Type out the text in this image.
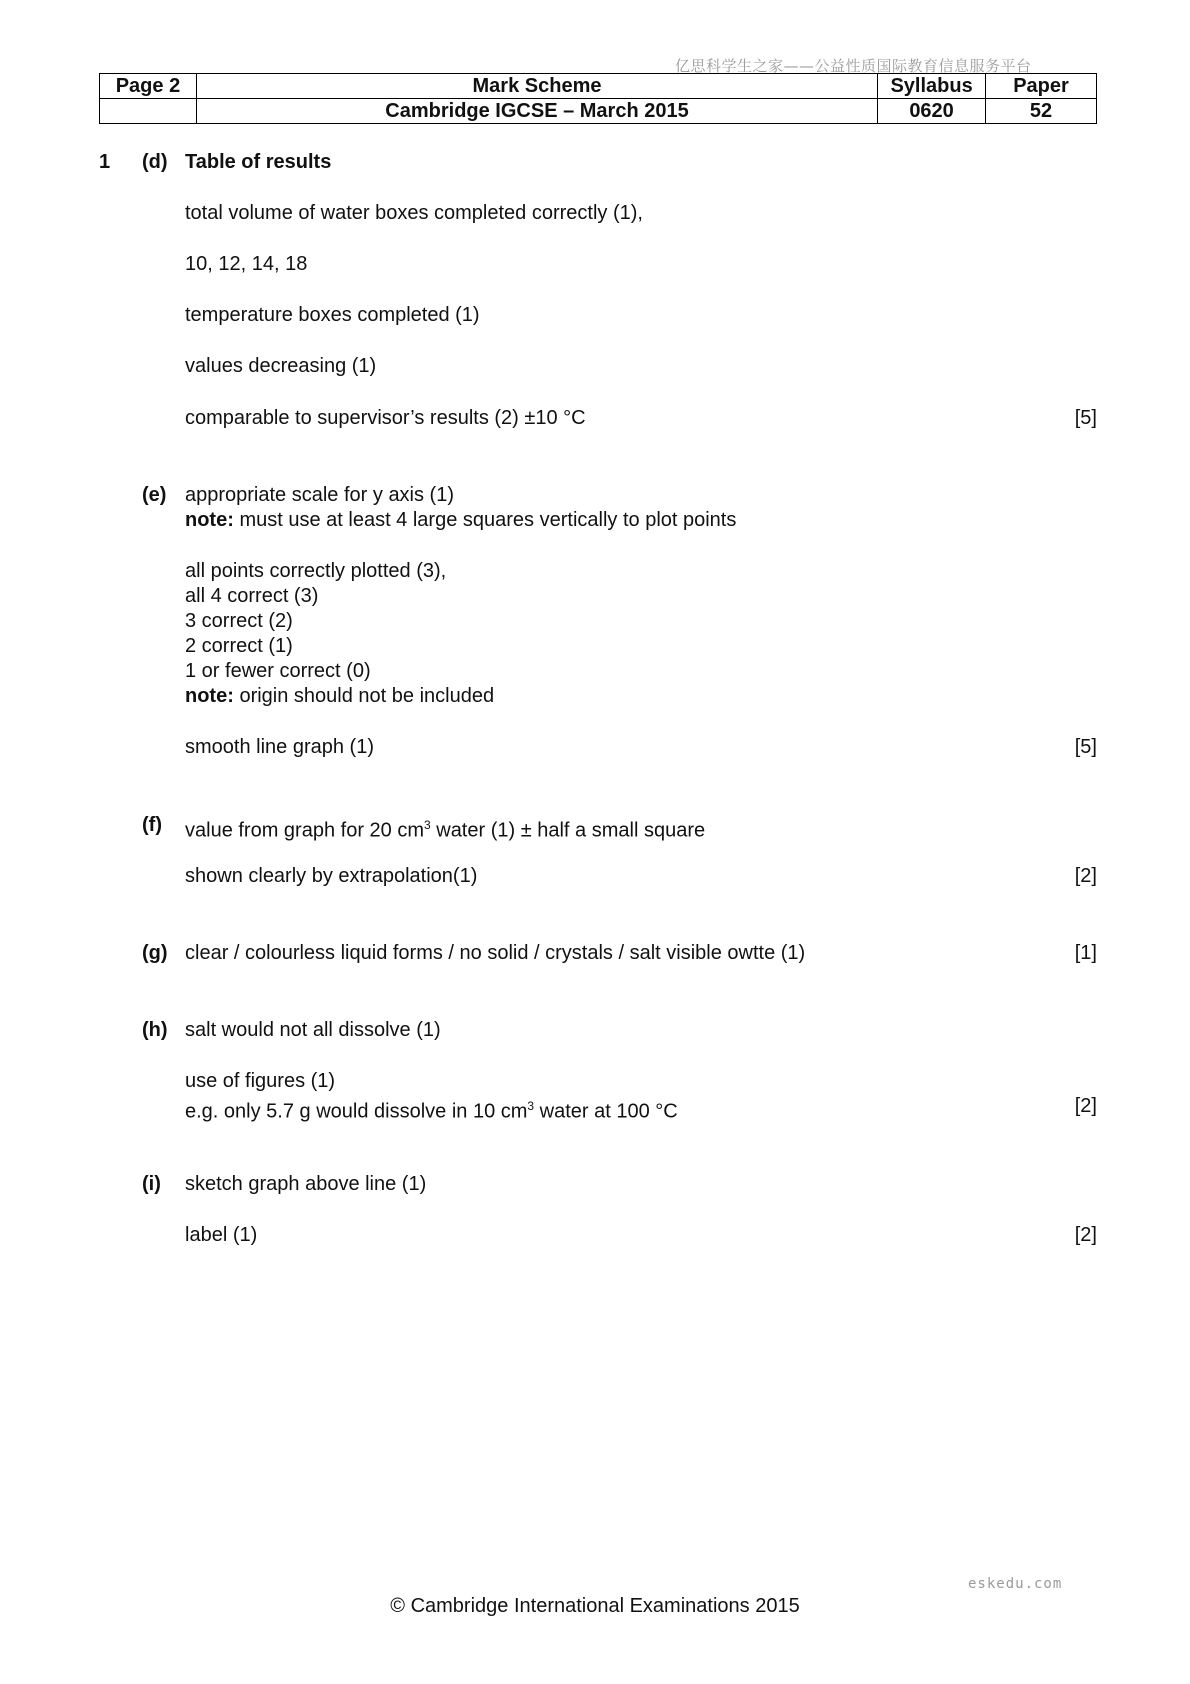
亿思科学生之家——公益性质国际教育信息服务平台
Page 2	Mark Scheme	Syllabus	Paper
	Cambridge IGCSE – March 2015	0620	52
1 (d) Table of results
total volume of water boxes completed correctly (1),
10, 12, 14, 18
temperature boxes completed (1)
values decreasing (1)
comparable to supervisor’s results (2) ±10 °C	[5]
(e) appropriate scale for y axis (1)
note: must use at least 4 large squares vertically to plot points
all points correctly plotted (3),
all 4 correct (3)
3 correct (2)
2 correct (1)
1 or fewer correct (0)
note: origin should not be included
smooth line graph (1)	[5]
(f) value from graph for 20 $cm^3$ water (1) ± half a small square
shown clearly by extrapolation(1)	[2]
(g) clear / colourless liquid forms / no solid / crystals / salt visible owtte (1)	[1]
(h) salt would not all dissolve (1)
use of figures (1)
e.g. only 5.7 g would dissolve in 10 $cm^3$ water at 100 °C	[2]
(i) sketch graph above line (1)
label (1)	[2]
eskedu.com
© Cambridge International Examinations 2015
